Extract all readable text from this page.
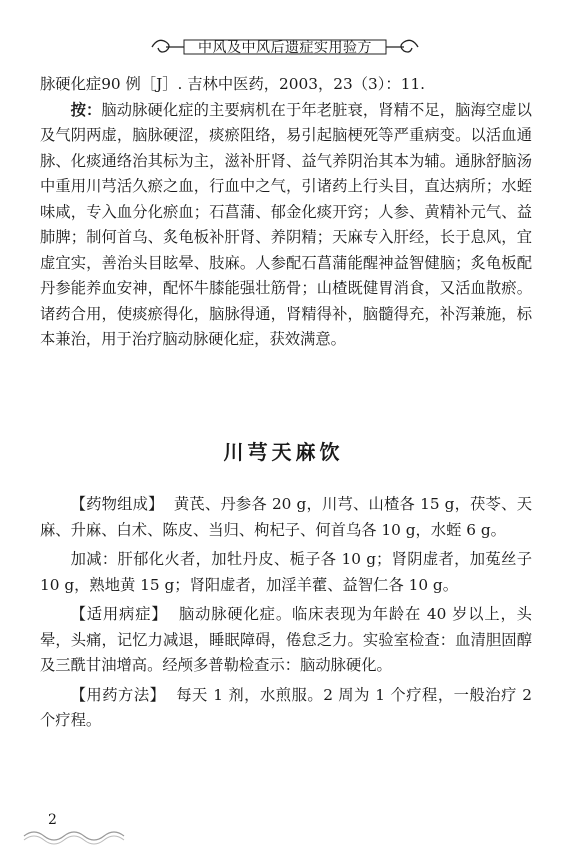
中风及中风后遗症实用验方

脉硬化症90 例［J］. 吉林中医药，2003，23（3）：11.

按：脑动脉硬化症的主要病机在于年老脏衰，肾精不足，脑海空虚以及气阴两虚，脑脉硬涩，痰瘀阻络，易引起脑梗死等严重病变。以活血通脉、化痰通络治其标为主，滋补肝肾、益气养阴治其本为辅。通脉舒脑汤中重用川芎活久瘀之血，行血中之气，引诸药上行头目，直达病所；水蛭味咸，专入血分化瘀血；石菖蒲、郁金化痰开窍；人参、黄精补元气、益肺脾；制何首乌、炙龟板补肝肾、养阴精；天麻专入肝经，长于息风，宜虚宜实，善治头目眩晕、肢麻。人参配石菖蒲能醒神益智健脑；炙龟板配丹参能养血安神，配怀牛膝能强壮筋骨；山楂既健胃消食，又活血散瘀。诸药合用，使痰瘀得化，脑脉得通，肾精得补，脑髓得充，补泻兼施，标本兼治，用于治疗脑动脉硬化症，获效满意。

川芎天麻饮

【药物组成】 黄芪、丹参各 20 g，川芎、山楂各 15 g，茯苓、天麻、升麻、白术、陈皮、当归、枸杞子、何首乌各 10 g，水蛭 6 g。

加减：肝郁化火者，加牡丹皮、栀子各 10 g；肾阴虚者，加菟丝子 10 g，熟地黄 15 g；肾阳虚者，加淫羊藿、益智仁各 10 g。

【适用病症】 脑动脉硬化症。临床表现为年龄在 40 岁以上，头晕，头痛，记忆力减退，睡眠障碍，倦怠乏力。实验室检查：血清胆固醇及三酰甘油增高。经颅多普勒检查示：脑动脉硬化。

【用药方法】 每天 1 剂，水煎服。2 周为 1 个疗程，一般治疗 2 个疗程。

2
